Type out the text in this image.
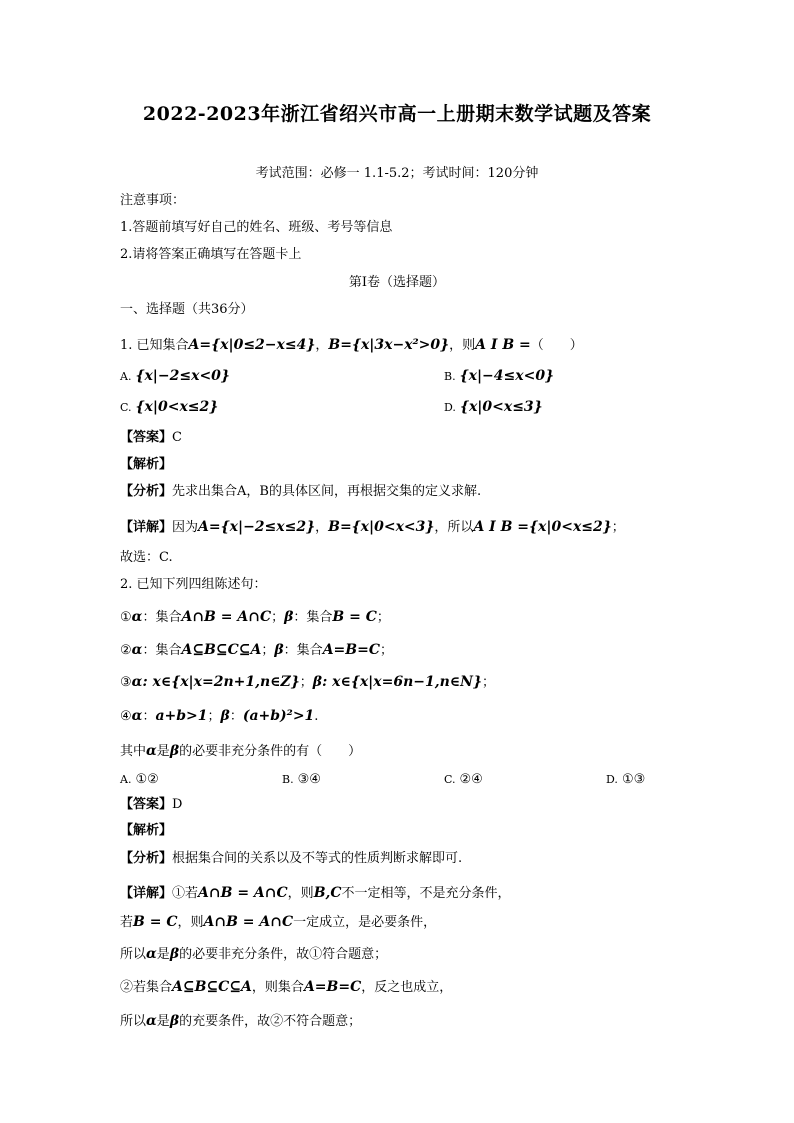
2022-2023年浙江省绍兴市高一上册期末数学试题及答案
考试范围：必修一 1.1-5.2；考试时间：120分钟
注意事项：
1.答题前填写好自己的姓名、班级、考号等信息
2.请将答案正确填写在答题卡上
第I卷（选择题）
一、选择题（共36分）
1. 已知集合A={x|0≤2−x≤4}，B={x|3x−x²>0}，则A I B =（　　）
A. {x|−2≤x<0}	B. {x|−4≤x<0}
C. {x|0<x≤2}	D. {x|0<x≤3}
【答案】C
【解析】
【分析】先求出集合A，B的具体区间，再根据交集的定义求解.
【详解】因为A={x|−2≤x≤2}，B={x|0<x<3}，所以A I B ={x|0<x≤2}；
故选：C.
2. 已知下列四组陈述句：
①α：集合A∩B = A∩C；β：集合B = C；
②α：集合A⊆B⊆C⊆A；β：集合A=B=C；
③α: x∈{x|x=2n+1,n∈Z}；β: x∈{x|x=6n−1,n∈N}；
④α：a+b>1；β：(a+b)²>1.
其中α是β的必要非充分条件的有（　　）
A. ①②	B. ③④	C. ②④	D. ①③
【答案】D
【解析】
【分析】根据集合间的关系以及不等式的性质判断求解即可.
【详解】①若A∩B = A∩C，则B,C不一定相等，不是充分条件，
若B = C，则A∩B = A∩C一定成立，是必要条件，
所以α是β的必要非充分条件，故①符合题意；
②若集合A⊆B⊆C⊆A，则集合A=B=C，反之也成立，
所以α是β的充要条件，故②不符合题意；
